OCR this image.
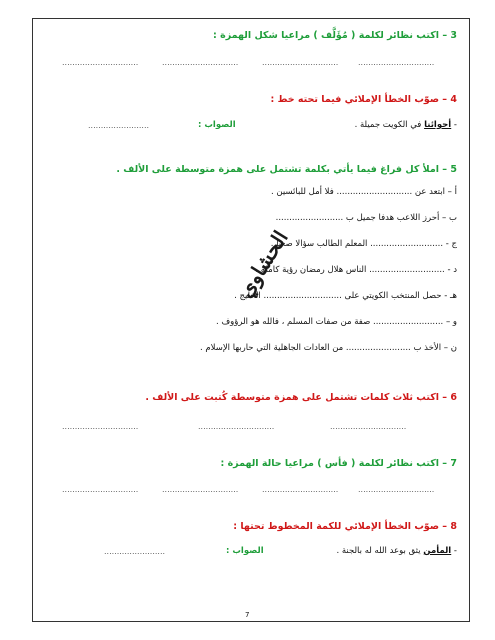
3 – اكتب نظائر لكلمة ( مُؤَلَّف ) مراعيا شكل الهمزة :
..............................	..............................	.............................. ..............................
4 – صوّب الخطأ الإملائي فيما تحته خط :
- أجوائنا في الكويت جميلة .
الصواب :
........................
5 – املأ كل فراغ فيما يأتي بكلمة تشتمل على همزة متوسطة على الألف .
أ – ابتعد عن ............................ فلا أمل للبائسين .
ب – أحرز اللاعب هدفا جميل ب .........................
ج - ........................... المعلم الطالب سؤالا صعبا .
د - ............................ الناس هلال رمضان رؤية كاملة .
هـ - حصل المنتخب الكويتي على ............................. الخليج .
و – .......................... صفة من صفات المسلم ، فالله هو الرؤوف .
ن – الأخذ ب ........................ من العادات الجاهلية التي حاربها الإسلام .
الحشاوي
6 – اكتب ثلاث كلمات تشتمل على همزة متوسطة كُتبت على الألف .
..............................	..............................	..............................
7 – اكتب نظائر لكلمة ( فأس ) مراعيا حالة الهمزة :
..............................	..............................	.............................. ..............................
8 – صوّب الخطأ الإملائي للكمة المخطوط تحتها :
- المأمن يثق بوعد الله له بالجنة .
الصواب :
........................
7
